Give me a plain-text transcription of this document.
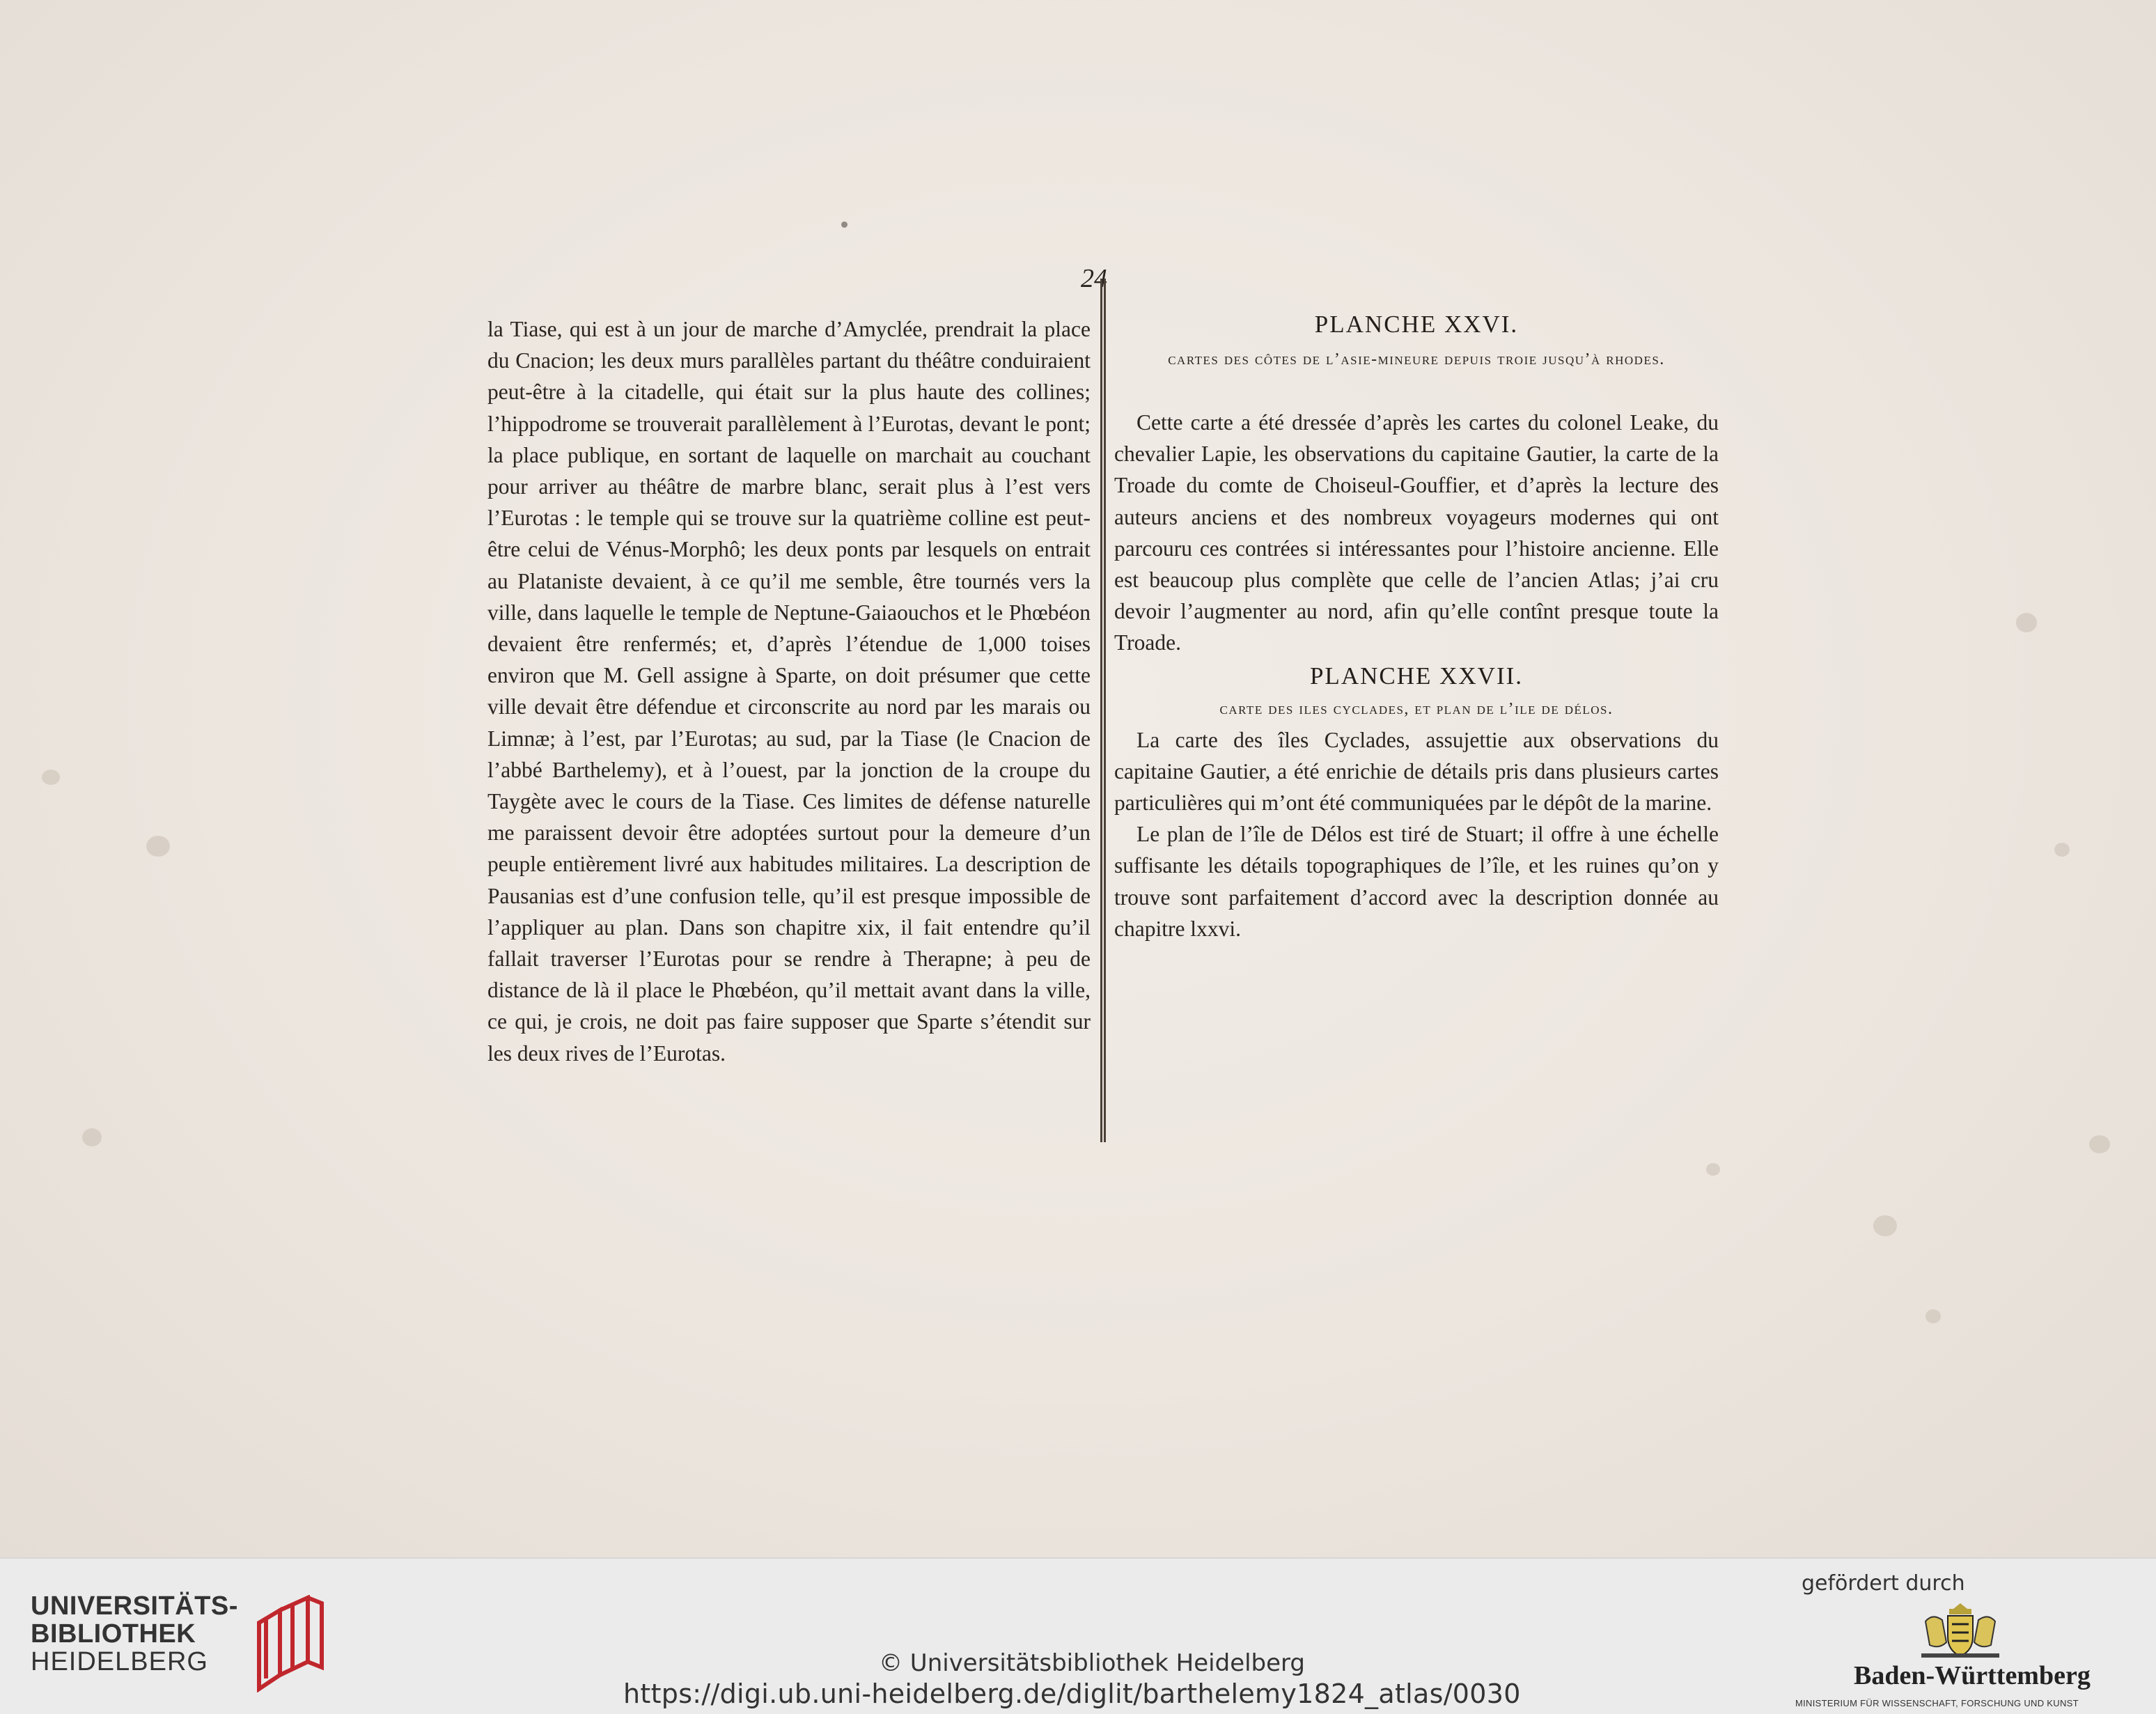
24

la Tiase, qui est à un jour de marche d’Amyclée, prendrait la place du Cnacion; les deux murs parallèles partant du théâtre conduiraient peut-être à la citadelle, qui était sur la plus haute des collines; l’hippodrome se trouverait parallèlement à l’Eurotas, devant le pont; la place publique, en sortant de laquelle on marchait au couchant pour arriver au théâtre de marbre blanc, serait plus à l’est vers l’Eurotas : le temple qui se trouve sur la quatrième colline est peut-être celui de Vénus-Morphô; les deux ponts par lesquels on entrait au Plataniste devaient, à ce qu’il me semble, être tournés vers la ville, dans laquelle le temple de Neptune-Gaiaouchos et le Phœbéon devaient être renfermés; et, d’après l’étendue de 1,000 toises environ que M. Gell assigne à Sparte, on doit présumer que cette ville devait être défendue et circonscrite au nord par les marais ou Limnæ; à l’est, par l’Eurotas; au sud, par la Tiase (le Cnacion de l’abbé Barthelemy), et à l’ouest, par la jonction de la croupe du Taygète avec le cours de la Tiase. Ces limites de défense naturelle me paraissent devoir être adoptées surtout pour la demeure d’un peuple entièrement livré aux habitudes militaires. La description de Pausanias est d’une confusion telle, qu’il est presque impossible de l’appliquer au plan. Dans son chapitre xix, il fait entendre qu’il fallait traverser l’Eurotas pour se rendre à Therapne; à peu de distance de là il place le Phœbéon, qu’il mettait avant dans la ville, ce qui, je crois, ne doit pas faire supposer que Sparte s’étendit sur les deux rives de l’Eurotas.

PLANCHE XXVI.

cartes des côtes de l’asie-mineure depuis troie jusqu’à rhodes.

Cette carte a été dressée d’après les cartes du colonel Leake, du chevalier Lapie, les observations du capitaine Gautier, la carte de la Troade du comte de Choiseul-Gouffier, et d’après la lecture des auteurs anciens et des nombreux voyageurs modernes qui ont parcouru ces contrées si intéressantes pour l’histoire ancienne. Elle est beaucoup plus complète que celle de l’ancien Atlas; j’ai cru devoir l’augmenter au nord, afin qu’elle contînt presque toute la Troade.

PLANCHE XXVII.

carte des iles cyclades, et plan de l’ile de délos.

La carte des îles Cyclades, assujettie aux observations du capitaine Gautier, a été enrichie de détails pris dans plusieurs cartes particulières qui m’ont été communiquées par le dépôt de la marine.

Le plan de l’île de Délos est tiré de Stuart; il offre à une échelle suffisante les détails topographiques de l’île, et les ruines qu’on y trouve sont parfaitement d’accord avec la description donnée au chapitre lxxvi.

UNIVERSITÄTS-
BIBLIOTHEK
HEIDELBERG	© Universitätsbibliothek Heidelberg
https://digi.ub.uni-heidelberg.de/diglit/barthelemy1824_atlas/0030
gefördert durch
Baden-Württemberg
MINISTERIUM FÜR WISSENSCHAFT, FORSCHUNG UND KUNST
